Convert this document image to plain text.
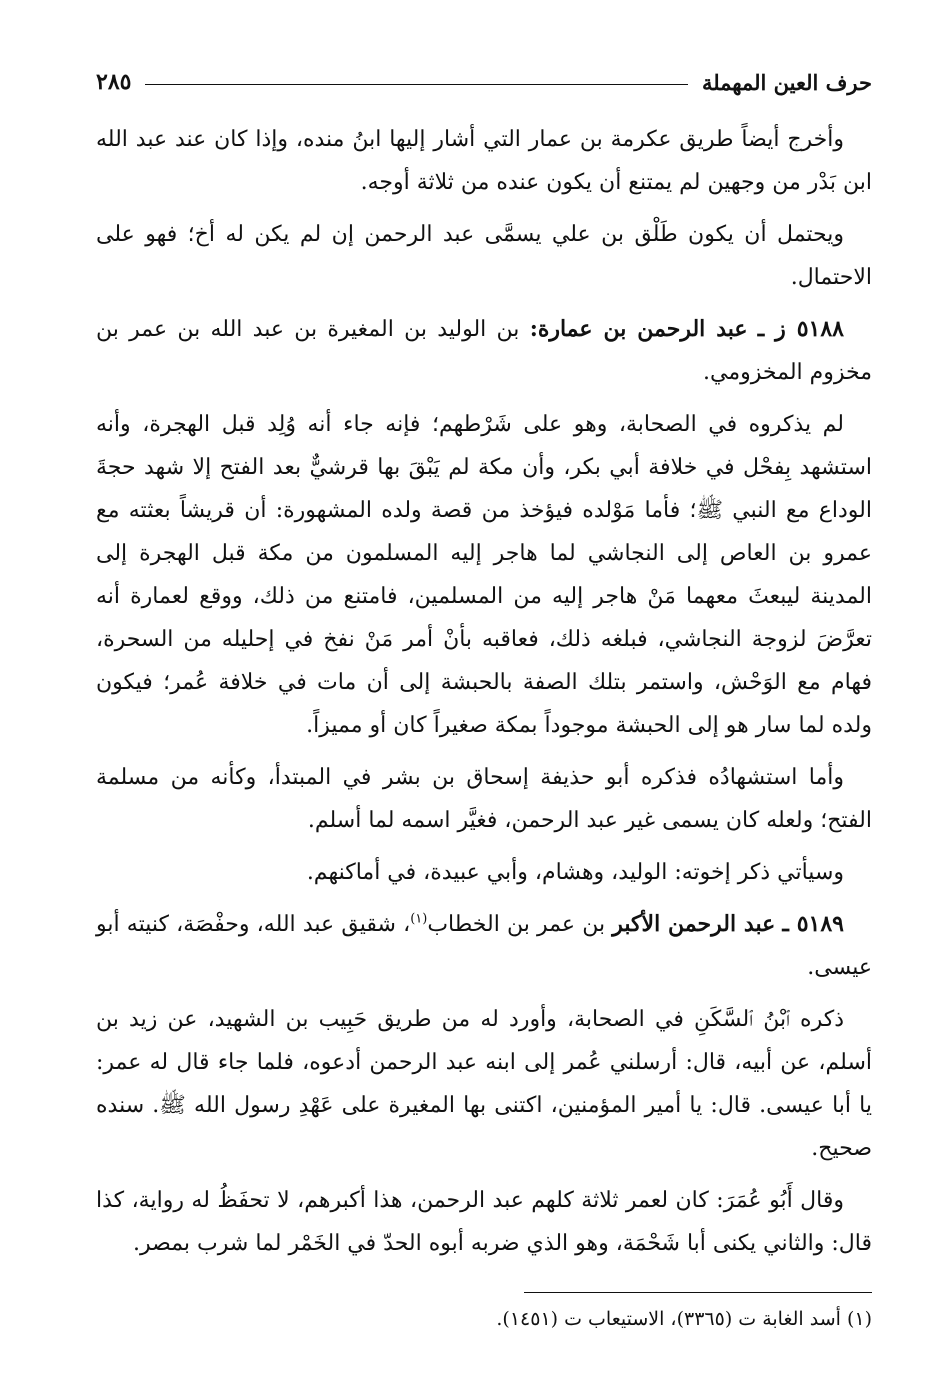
حرف العين المهملة
٢٨٥

وأخرج أيضاً طريق عكرمة بن عمار التي أشار إليها ابنُ منده، وإذا كان عند عبد الله ابن بَدْر من وجهين لم يمتنع أن يكون عنده من ثلاثة أوجه.

ويحتمل أن يكون طَلْق بن علي يسمَّى عبد الرحمن إن لم يكن له أخ؛ فهو على الاحتمال.

٥١٨٨ ز ـ عبد الرحمن بن عمارة: بن الوليد بن المغيرة بن عبد الله بن عمر بن مخزوم المخزومي.

لم يذكروه في الصحابة، وهو على شَرْطهم؛ فإنه جاء أنه وُلِد قبل الهجرة، وأنه استشهد بِفحْل في خلافة أبي بكر، وأن مكة لم يَبْقَ بها قرشيٌّ بعد الفتح إلا شهد حجةَ الوداع مع النبي ﷺ؛ فأما مَوْلده فيؤخذ من قصة ولده المشهورة: أن قريشاً بعثته مع عمرو بن العاص إلى النجاشي لما هاجر إليه المسلمون من مكة قبل الهجرة إلى المدينة ليبعثَ معهما مَنْ هاجر إليه من المسلمين، فامتنع من ذلك، ووقع لعمارة أنه تعرَّضَ لزوجة النجاشي، فبلغه ذلك، فعاقبه بأنْ أمر مَنْ نفخ في إحليله من السحرة، فهام مع الوَحْش، واستمر بتلك الصفة بالحبشة إلى أن مات في خلافة عُمر؛ فيكون ولده لما سار هو إلى الحبشة موجوداً بمكة صغيراً كان أو مميزاً.

وأما استشهادُه فذكره أبو حذيفة إسحاق بن بشر في المبتدأ، وكأنه من مسلمة الفتح؛ ولعله كان يسمى غير عبد الرحمن، فغيَّر اسمه لما أسلم.

وسيأتي ذكر إخوته: الوليد، وهشام، وأبي عبيدة، في أماكنهم.

٥١٨٩ ـ عبد الرحمن الأكبر بن عمر بن الخطاب$^{(١)}$، شقيق عبد الله، وحفْصَة، كنيته أبو عيسى.

ذكره ٱبْنُ ٱلسَّكَنِ في الصحابة، وأورد له من طريق حَبِيب بن الشهيد، عن زيد بن أسلم، عن أبيه، قال: أرسلني عُمر إلى ابنه عبد الرحمن أدعوه، فلما جاء قال له عمر: يا أبا عيسى. قال: يا أمير المؤمنين، اكتنى بها المغيرة على عَهْدِ رسول الله ﷺ. سنده صحيح.

وقال أَبُو عُمَرَ: كان لعمر ثلاثة كلهم عبد الرحمن، هذا أكبرهم، لا تحفَظُ له رواية، كذا قال: والثاني يكنى أبا شَحْمَة، وهو الذي ضربه أبوه الحدّ في الخَمْر لما شرب بمصر.

(١) أسد الغابة ت (٣٣٦٥)، الاستيعاب ت (١٤٥١).
